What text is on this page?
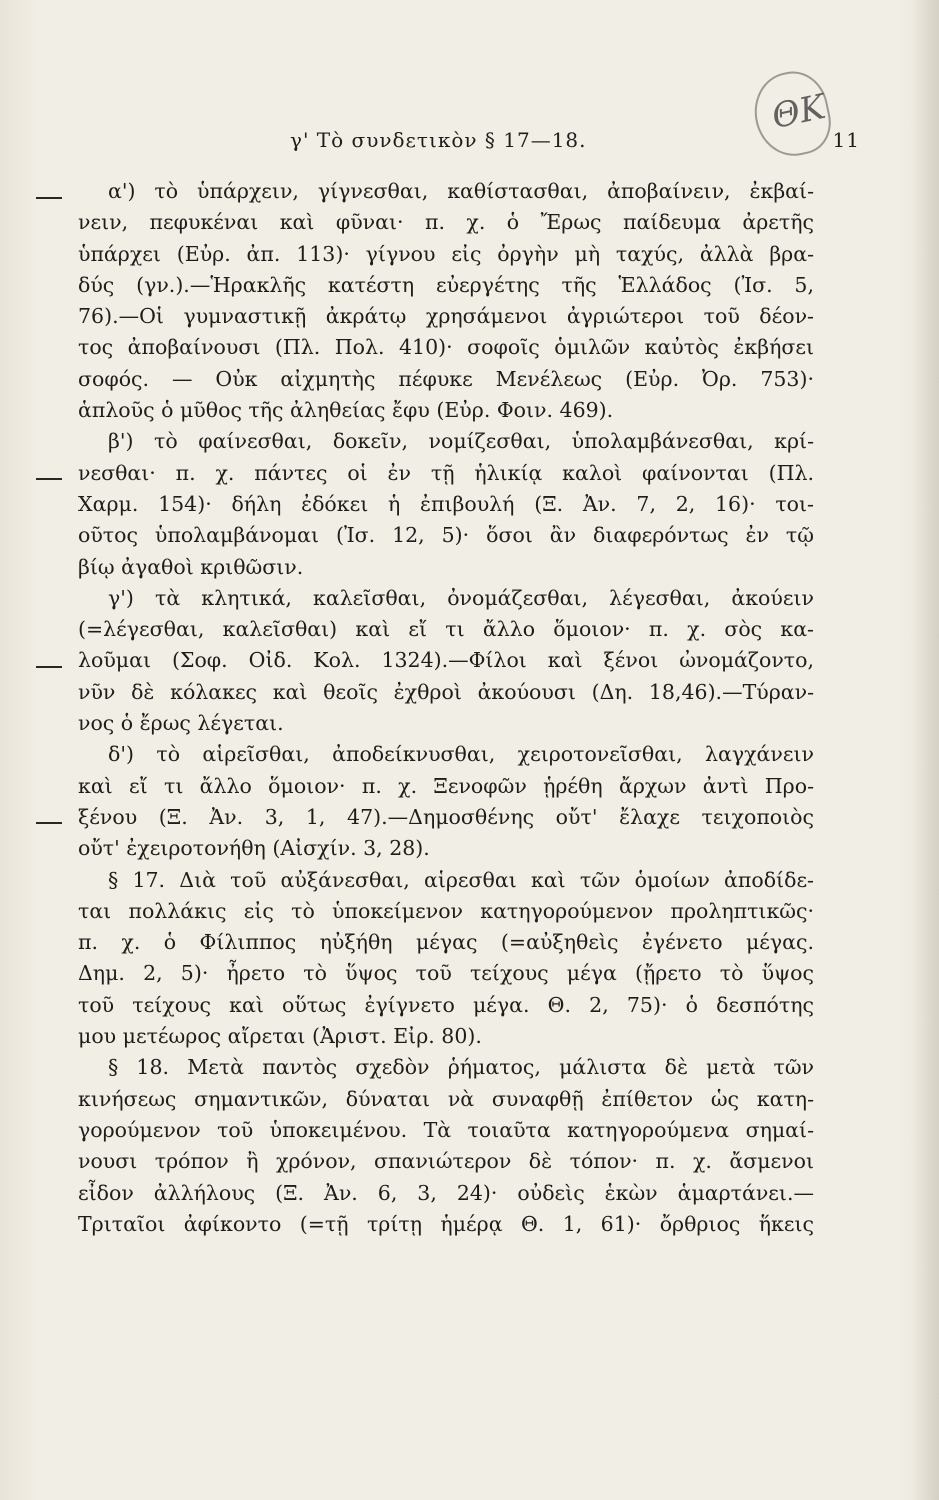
ΘΚ
γ' Τὸ συνδετικὸν § 17—18.	11
α') τὸ ὑπάρχειν, γίγνεσθαι, καθίστασθαι, ἀποβαίνειν, ἐκβαί-
νειν, πεφυκέναι καὶ φῦναι· π. χ. ὁ Ἔρως παίδευμα ἀρετῆς
ὑπάρχει (Εὐρ. ἀπ. 113)· γίγνου εἰς ὀργὴν μὴ ταχύς, ἀλλὰ βρα-
δύς (γν.).—Ἡρακλῆς κατέστη εὐεργέτης τῆς Ἑλλάδος (Ἰσ. 5,
76).—Οἱ γυμναστικῇ ἀκράτῳ χρησάμενοι ἀγριώτεροι τοῦ δέον-
τος ἀποβαίνουσι (Πλ. Πολ. 410)· σοφοῖς ὁμιλῶν καὐτὸς ἐκβήσει
σοφός. — Οὐκ αἰχμητὴς πέφυκε Μενέλεως (Εὐρ. Ὀρ. 753)·
ἁπλοῦς ὁ μῦθος τῆς ἀληθείας ἔφυ (Εὐρ. Φοιν. 469).
β') τὸ φαίνεσθαι, δοκεῖν, νομίζεσθαι, ὑπολαμβάνεσθαι, κρί-
νεσθαι· π. χ. πάντες οἱ ἐν τῇ ἡλικίᾳ καλοὶ φαίνονται (Πλ.
Χαρμ. 154)· δήλη ἐδόκει ἡ ἐπιβουλή (Ξ. Ἀν. 7, 2, 16)· τοι-
οῦτος ὑπολαμβάνομαι (Ἰσ. 12, 5)· ὅσοι ἂν διαφερόντως ἐν τῷ
βίῳ ἀγαθοὶ κριθῶσιν.
γ') τὰ κλητικά, καλεῖσθαι, ὀνομάζεσθαι, λέγεσθαι, ἀκούειν
(=λέγεσθαι, καλεῖσθαι) καὶ εἴ τι ἄλλο ὅμοιον· π. χ. σὸς κα-
λοῦμαι (Σοφ. Οἰδ. Κολ. 1324).—Φίλοι καὶ ξένοι ὠνομάζοντο,
νῦν δὲ κόλακες καὶ θεοῖς ἐχθροὶ ἀκούουσι (Δη. 18,46).—Τύραν-
νος ὁ ἔρως λέγεται.
δ') τὸ αἱρεῖσθαι, ἀποδείκνυσθαι, χειροτονεῖσθαι, λαγχάνειν
καὶ εἴ τι ἄλλο ὅμοιον· π. χ. Ξενοφῶν ᾑρέθη ἄρχων ἀντὶ Προ-
ξένου (Ξ. Ἀν. 3, 1, 47).—Δημοσθένης οὔτ' ἔλαχε τειχοποιὸς
οὔτ' ἐχειροτονήθη (Αἰσχίν. 3, 28).
§ 17. Διὰ τοῦ αὐξάνεσθαι, αἱρεσθαι καὶ τῶν ὁμοίων ἀποδίδε-
ται πολλάκις εἰς τὸ ὑποκείμενον κατηγορούμενον προληπτικῶς·
π. χ. ὁ Φίλιππος ηὐξήθη μέγας (=αὐξηθεὶς ἐγένετο μέγας.
Δημ. 2, 5)· ἦρετο τὸ ὕψος τοῦ τείχους μέγα (ᾔρετο τὸ ὕψος
τοῦ τείχους καὶ οὕτως ἐγίγνετο μέγα. Θ. 2, 75)· ὁ δεσπότης
μου μετέωρος αἴρεται (Ἀριστ. Εἰρ. 80).
§ 18. Μετὰ παντὸς σχεδὸν ῥήματος, μάλιστα δὲ μετὰ τῶν
κινήσεως σημαντικῶν, δύναται νὰ συναφθῇ ἐπίθετον ὡς κατη-
γορούμενον τοῦ ὑποκειμένου. Τὰ τοιαῦτα κατηγορούμενα σημαί-
νουσι τρόπον ἢ χρόνον, σπανιώτερον δὲ τόπον· π. χ. ἄσμενοι
εἶδον ἀλλήλους (Ξ. Ἀν. 6, 3, 24)· οὐδεὶς ἑκὼν ἁμαρτάνει.—
Τριταῖοι ἀφίκοντο (=τῇ τρίτῃ ἡμέρᾳ Θ. 1, 61)· ὄρθριος ἥκεις
